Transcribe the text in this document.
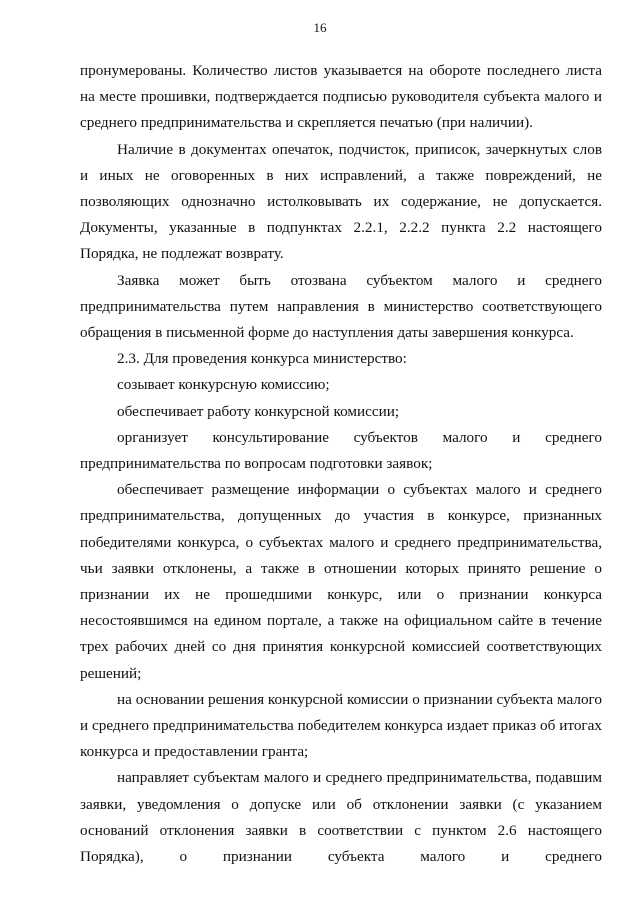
16

пронумерованы. Количество листов указывается на обороте последнего листа на месте прошивки, подтверждается подписью руководителя субъекта малого и среднего предпринимательства и скрепляется печатью (при наличии).

Наличие в документах опечаток, подчисток, приписок, зачеркнутых слов и иных не оговоренных в них исправлений, а также повреждений, не позволяющих однозначно истолковывать их содержание, не допускается. Документы, указанные в подпунктах 2.2.1, 2.2.2 пункта 2.2 настоящего Порядка, не подлежат возврату.

Заявка может быть отозвана субъектом малого и среднего предпринимательства путем направления в министерство соответствующего обращения в письменной форме до наступления даты завершения конкурса.

2.3. Для проведения конкурса министерство:

созывает конкурсную комиссию;

обеспечивает работу конкурсной комиссии;

организует консультирование субъектов малого и среднего предпринимательства по вопросам подготовки заявок;

обеспечивает размещение информации о субъектах малого и среднего предпринимательства, допущенных до участия в конкурсе, признанных победителями конкурса, о субъектах малого и среднего предпринимательства, чьи заявки отклонены, а также в отношении которых принято решение о признании их не прошедшими конкурс, или о признании конкурса несостоявшимся на едином портале, а также на официальном сайте в течение трех рабочих дней со дня принятия конкурсной комиссией соответствующих решений;

на основании решения конкурсной комиссии о признании субъекта малого и среднего предпринимательства победителем конкурса издает приказ об итогах конкурса и предоставлении гранта;

направляет субъектам малого и среднего предпринимательства, подавшим заявки, уведомления о допуске или об отклонении заявки (с указанием оснований отклонения заявки в соответствии с пунктом 2.6 настоящего Порядка), о признании субъекта малого и среднего
